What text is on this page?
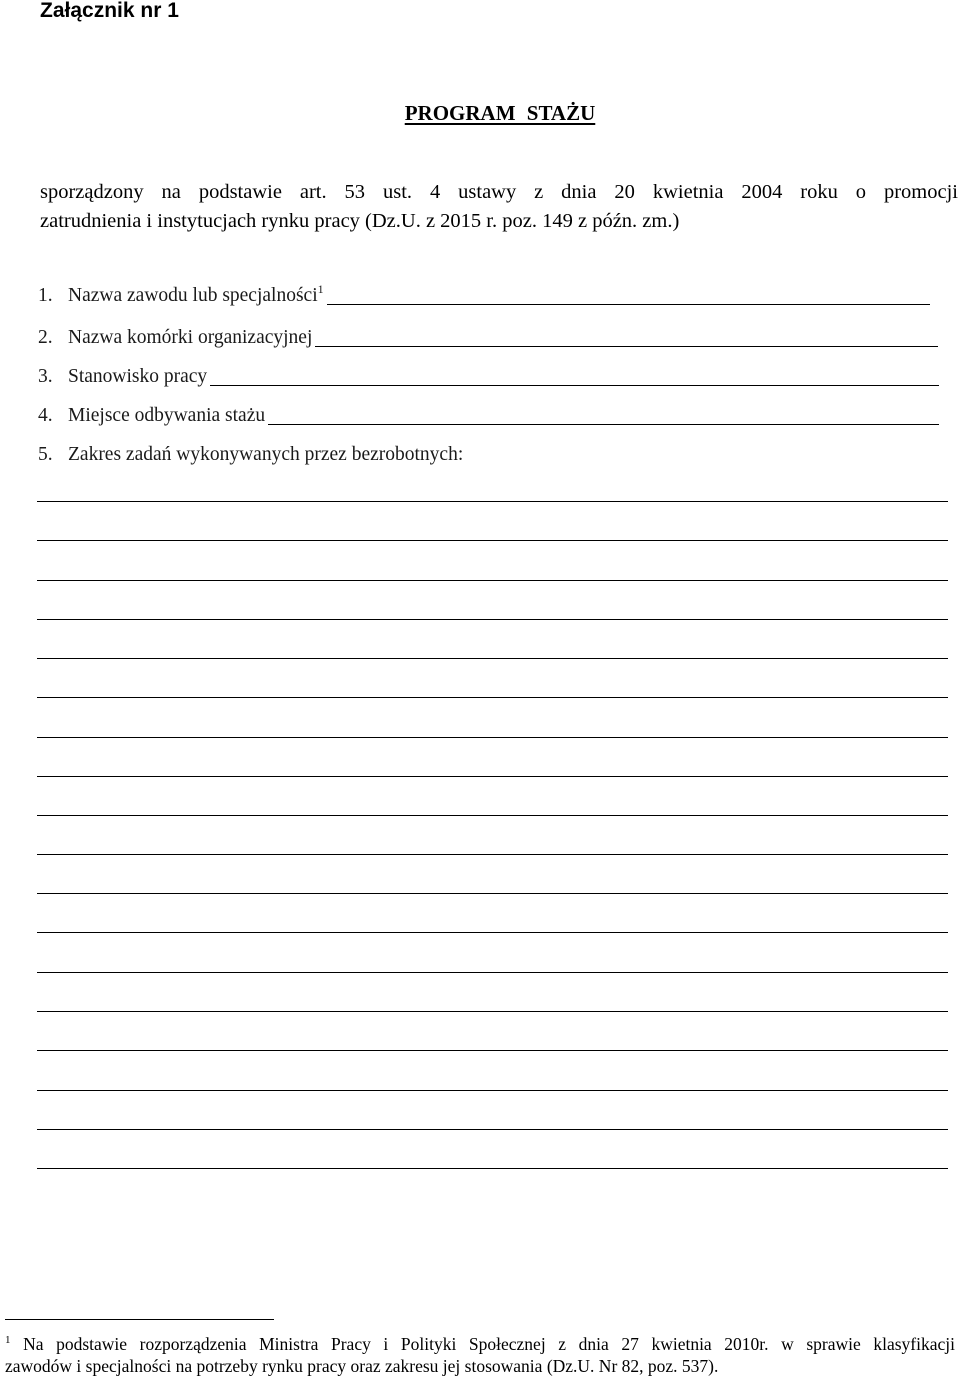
Załącznik nr 1
PROGRAM STAŻU
sporządzony na podstawie art. 53 ust. 4 ustawy z dnia 20 kwietnia 2004 roku o promocji
zatrudnienia i instytucjach rynku pracy (Dz.U. z 2015 r. poz. 149 z późn. zm.)
1. Nazwa zawodu lub specjalności$^1$
2. Nazwa komórki organizacyjnej
3. Stanowisko pracy
4. Miejsce odbywania stażu
5. Zakres zadań wykonywanych przez bezrobotnych:
$^1$ Na podstawie rozporządzenia Ministra Pracy i Polityki Społecznej z dnia 27 kwietnia 2010r. w sprawie klasyfikacji
zawodów i specjalności na potrzeby rynku pracy oraz zakresu jej stosowania (Dz.U. Nr 82, poz. 537).
